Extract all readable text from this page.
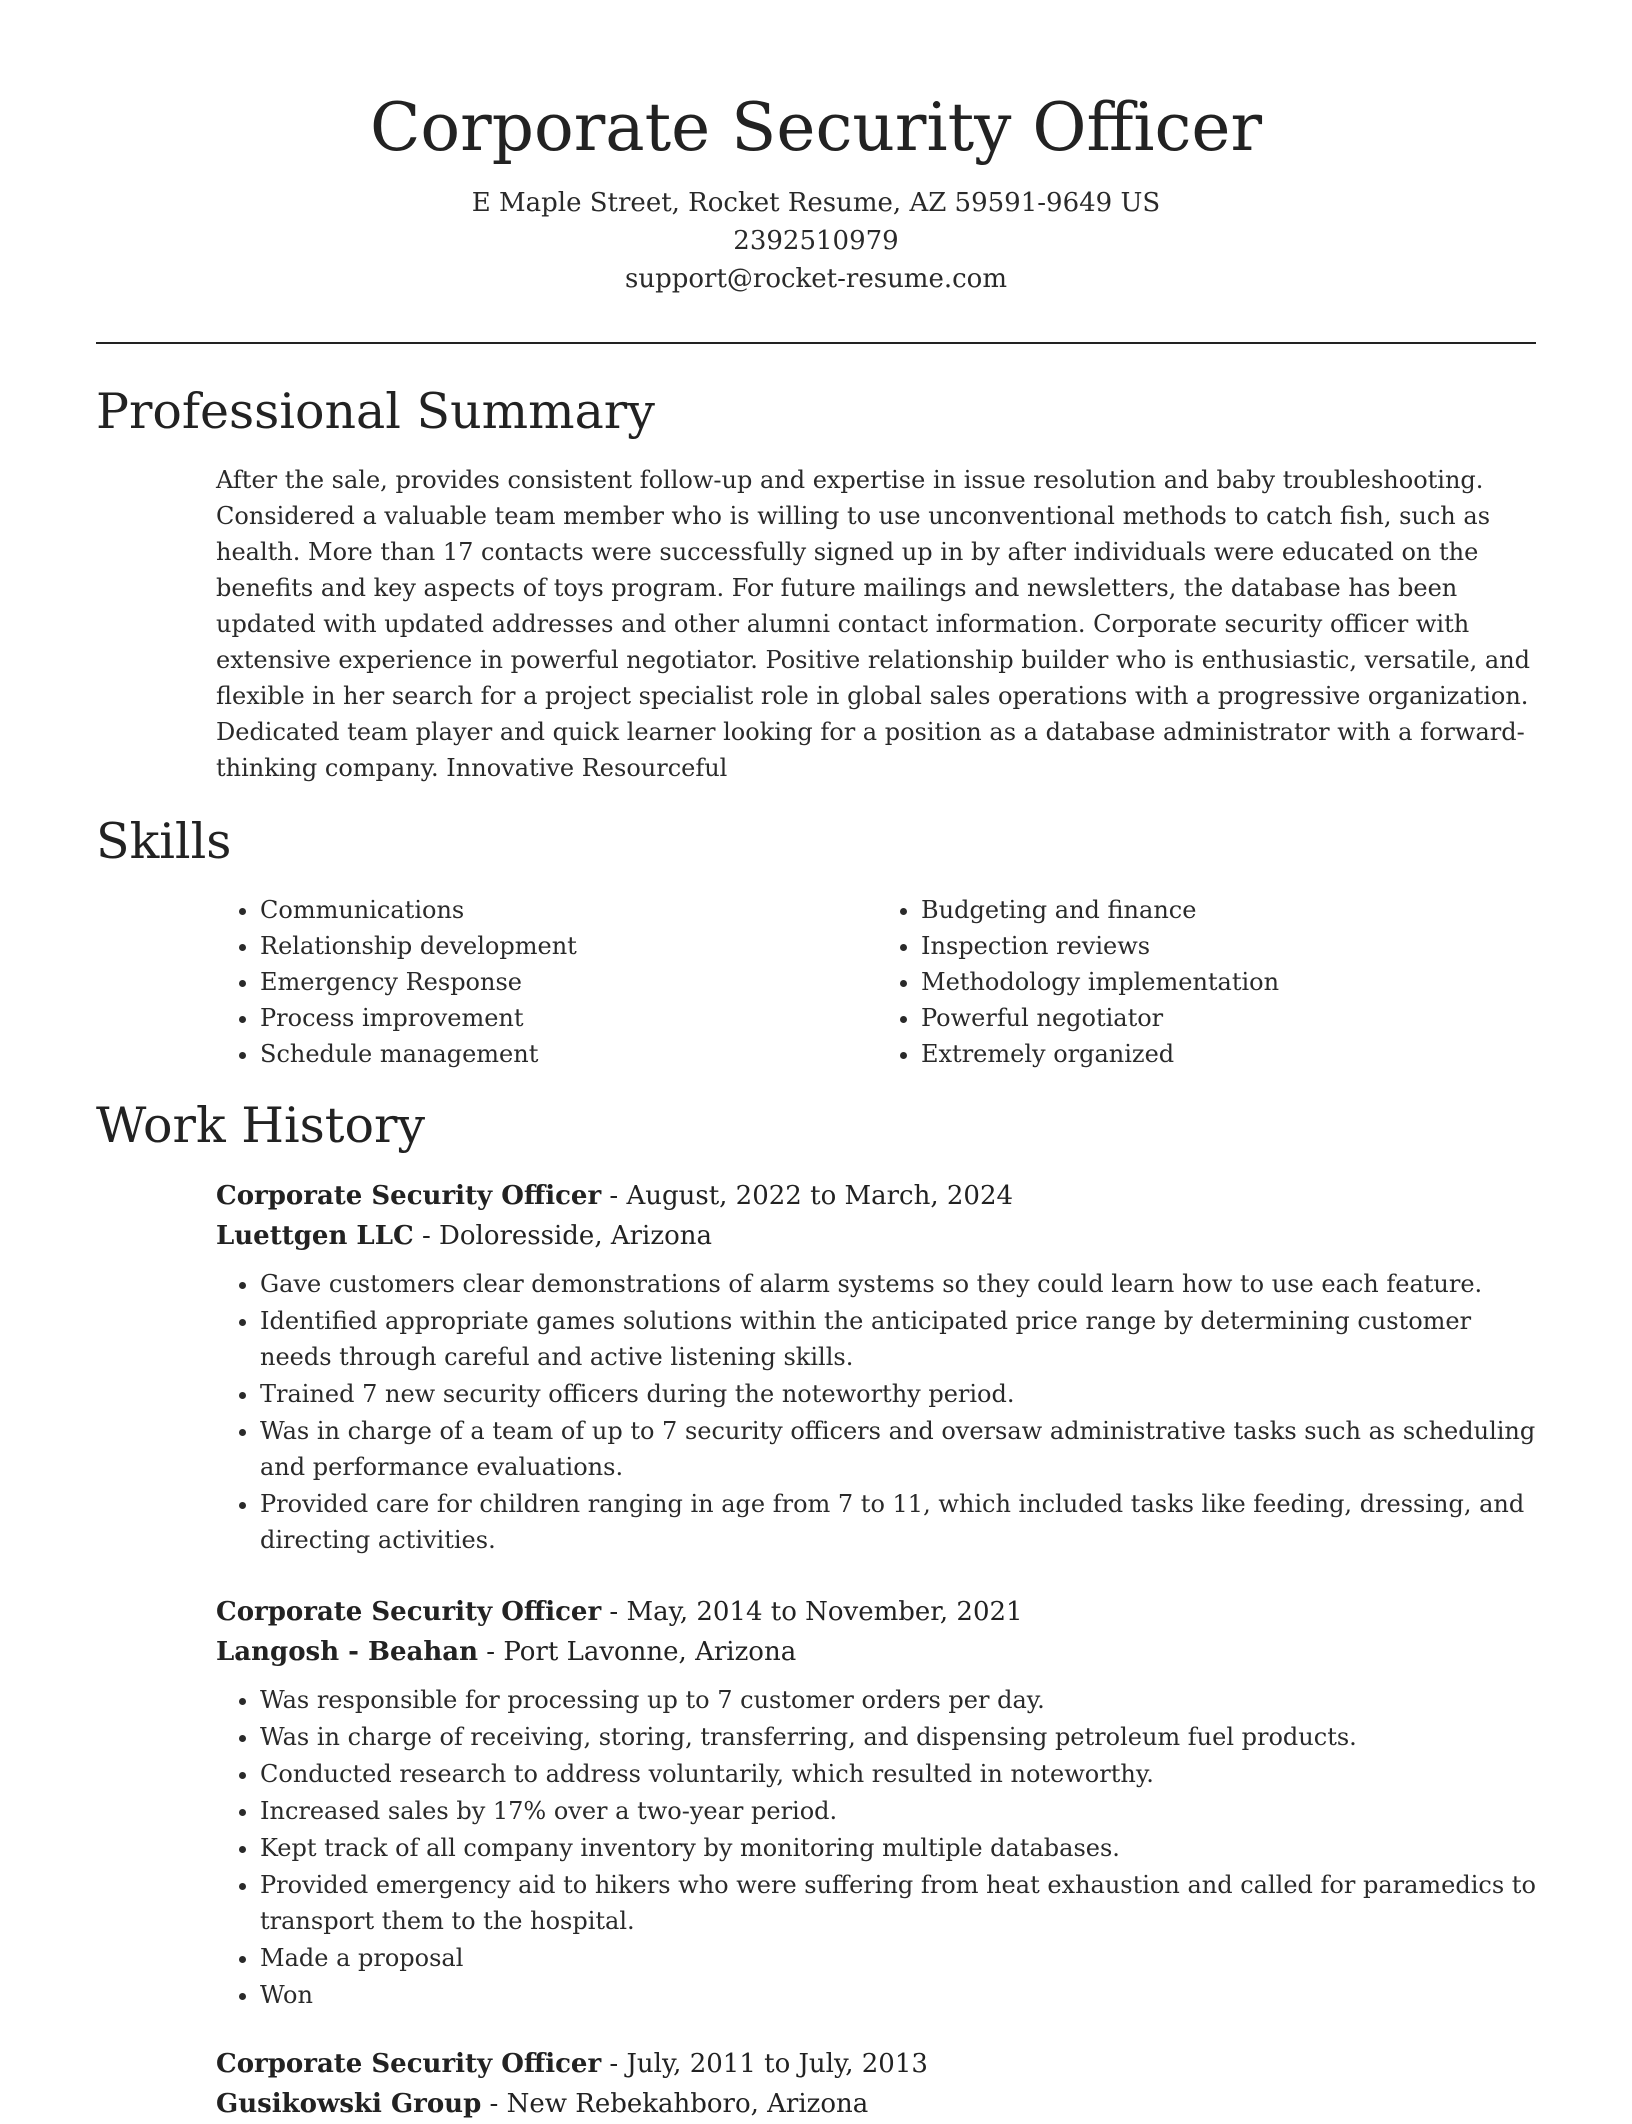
Corporate Security Officer

E Maple Street, Rocket Resume, AZ 59591-9649 US

2392510979

support@rocket-resume.com

Professional Summary

After the sale, provides consistent follow-up and expertise in issue resolution and baby troubleshooting. Considered a valuable team member who is willing to use unconventional methods to catch fish, such as health. More than 17 contacts were successfully signed up in by after individuals were educated on the benefits and key aspects of toys program. For future mailings and newsletters, the database has been updated with updated addresses and other alumni contact information. Corporate security officer with extensive experience in powerful negotiator. Positive relationship builder who is enthusiastic, versatile, and flexible in her search for a project specialist role in global sales operations with a progressive organization. Dedicated team player and quick learner looking for a position as a database administrator with a forward-thinking company. Innovative Resourceful

Skills
• Communications
• Relationship development
• Emergency Response
• Process improvement
• Schedule management
• Budgeting and finance
• Inspection reviews
• Methodology implementation
• Powerful negotiator
• Extremely organized
Work History

Corporate Security Officer - August, 2022 to March, 2024

Luettgen LLC - Doloresside, Arizona

• Gave customers clear demonstrations of alarm systems so they could learn how to use each feature.
• Identified appropriate games solutions within the anticipated price range by determining customer needs through careful and active listening skills.
• Trained 7 new security officers during the noteworthy period.
• Was in charge of a team of up to 7 security officers and oversaw administrative tasks such as scheduling and performance evaluations.
• Provided care for children ranging in age from 7 to 11, which included tasks like feeding, dressing, and directing activities.

Corporate Security Officer - May, 2014 to November, 2021

Langosh - Beahan - Port Lavonne, Arizona

• Was responsible for processing up to 7 customer orders per day.
• Was in charge of receiving, storing, transferring, and dispensing petroleum fuel products.
• Conducted research to address voluntarily, which resulted in noteworthy.
• Increased sales by 17% over a two-year period.
• Kept track of all company inventory by monitoring multiple databases.
• Provided emergency aid to hikers who were suffering from heat exhaustion and called for paramedics to transport them to the hospital.
• Made a proposal
• Won

Corporate Security Officer - July, 2011 to July, 2013

Gusikowski Group - New Rebekahboro, Arizona
